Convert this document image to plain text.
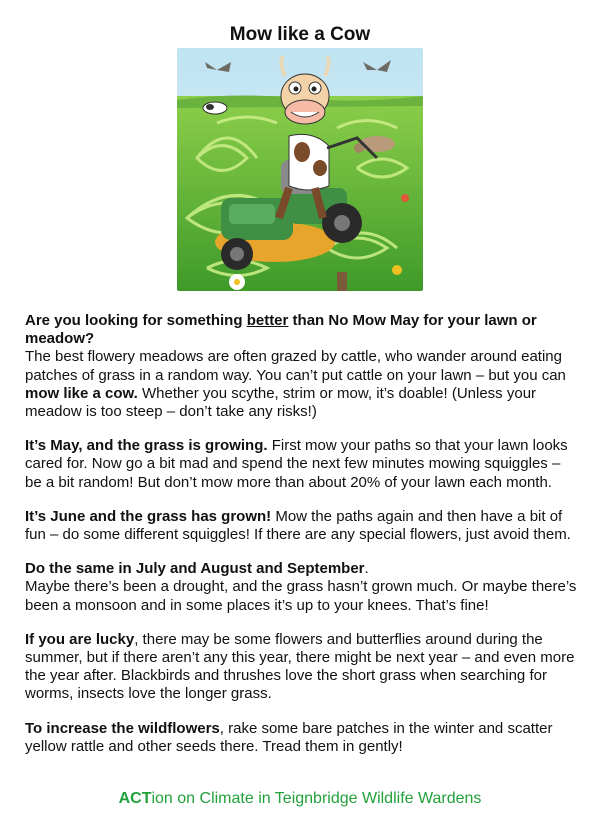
Mow like a Cow

Are you looking for something better than No Mow May for your lawn or meadow?
The best flowery meadows are often grazed by cattle, who wander around eating patches of grass in a random way. You can’t put cattle on your lawn – but you can mow like a cow. Whether you scythe, strim or mow, it’s doable! (Unless your meadow is too steep – don’t take any risks!)

It’s May, and the grass is growing. First mow your paths so that your lawn looks cared for. Now go a bit mad and spend the next few minutes mowing squiggles – be a bit random! But don’t mow more than about 20% of your lawn each month.

It’s June and the grass has grown! Mow the paths again and then have a bit of fun – do some different squiggles! If there are any special flowers, just avoid them.

Do the same in July and August and September.
Maybe there’s been a drought, and the grass hasn’t grown much. Or maybe there’s been a monsoon and in some places it’s up to your knees. That’s fine!

If you are lucky, there may be some flowers and butterflies around during the summer, but if there aren’t any this year, there might be next year – and even more the year after. Blackbirds and thrushes love the short grass when searching for worms, insects love the longer grass.

To increase the wildflowers, rake some bare patches in the winter and scatter yellow rattle and other seeds there. Tread them in gently!

ACTion on Climate in Teignbridge Wildlife Wardens
